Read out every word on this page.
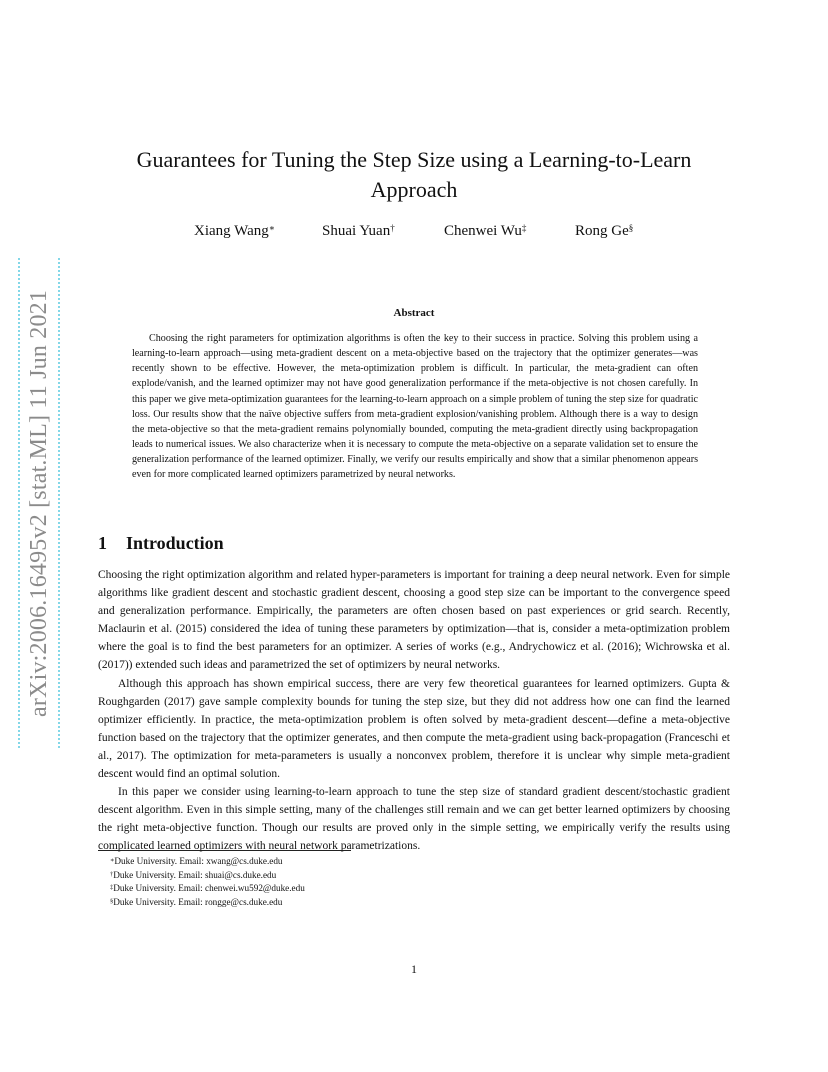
arXiv:2006.16495v2 [stat.ML] 11 Jun 2021
Guarantees for Tuning the Step Size using a Learning-to-Learn Approach
Xiang Wang∗	Shuai Yuan†	Chenwei Wu‡	Rong Ge§
Abstract
Choosing the right parameters for optimization algorithms is often the key to their success in practice. Solving this problem using a learning-to-learn approach—using meta-gradient descent on a meta-objective based on the trajectory that the optimizer generates—was recently shown to be effective. However, the meta-optimization problem is difficult. In particular, the meta-gradient can often explode/vanish, and the learned optimizer may not have good generalization performance if the meta-objective is not chosen carefully. In this paper we give meta-optimization guarantees for the learning-to-learn approach on a simple problem of tuning the step size for quadratic loss. Our results show that the naïve objective suffers from meta-gradient explosion/vanishing problem. Although there is a way to design the meta-objective so that the meta-gradient remains polynomially bounded, computing the meta-gradient directly using backpropagation leads to numerical issues. We also characterize when it is necessary to compute the meta-objective on a separate validation set to ensure the generalization performance of the learned optimizer. Finally, we verify our results empirically and show that a similar phenomenon appears even for more complicated learned optimizers parametrized by neural networks.
1 Introduction

Choosing the right optimization algorithm and related hyper-parameters is important for training a deep neural network. Even for simple algorithms like gradient descent and stochastic gradient descent, choosing a good step size can be important to the convergence speed and generalization performance. Empirically, the parameters are often chosen based on past experiences or grid search. Recently, Maclaurin et al. (2015) considered the idea of tuning these parameters by optimization—that is, consider a meta-optimization problem where the goal is to find the best parameters for an optimizer. A series of works (e.g., Andrychowicz et al. (2016); Wichrowska et al. (2017)) extended such ideas and parametrized the set of optimizers by neural networks.

Although this approach has shown empirical success, there are very few theoretical guarantees for learned optimizers. Gupta & Roughgarden (2017) gave sample complexity bounds for tuning the step size, but they did not address how one can find the learned optimizer efficiently. In practice, the meta-optimization problem is often solved by meta-gradient descent—define a meta-objective function based on the trajectory that the optimizer generates, and then compute the meta-gradient using back-propagation (Franceschi et al., 2017). The optimization for meta-parameters is usually a nonconvex problem, therefore it is unclear why simple meta-gradient descent would find an optimal solution.

In this paper we consider using learning-to-learn approach to tune the step size of standard gradient descent/stochastic gradient descent algorithm. Even in this simple setting, many of the challenges still remain and we can get better learned optimizers by choosing the right meta-objective function. Though our results are proved only in the simple setting, we empirically verify the results using complicated learned optimizers with neural network parametrizations.

∗Duke University. Email: xwang@cs.duke.edu
†Duke University. Email: shuai@cs.duke.edu
‡Duke University. Email: chenwei.wu592@duke.edu
§Duke University. Email: rongge@cs.duke.edu
1
